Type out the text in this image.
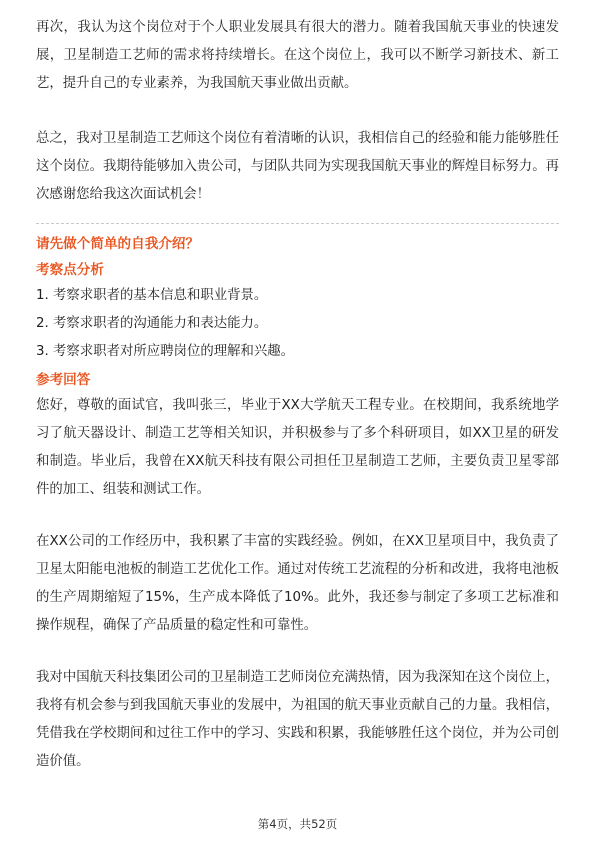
再次，我认为这个岗位对于个人职业发展具有很大的潜力。随着我国航天事业的快速发展，卫星制造工艺师的需求将持续增长。在这个岗位上，我可以不断学习新技术、新工艺，提升自己的专业素养，为我国航天事业做出贡献。

总之，我对卫星制造工艺师这个岗位有着清晰的认识，我相信自己的经验和能力能够胜任这个岗位。我期待能够加入贵公司，与团队共同为实现我国航天事业的辉煌目标努力。再次感谢您给我这次面试机会！

请先做个简单的自我介绍？

考察点分析

1. 考察求职者的基本信息和职业背景。
2. 考察求职者的沟通能力和表达能力。
3. 考察求职者对所应聘岗位的理解和兴趣。

参考回答

您好，尊敬的面试官，我叫张三，毕业于XX大学航天工程专业。在校期间，我系统地学习了航天器设计、制造工艺等相关知识，并积极参与了多个科研项目，如XX卫星的研发和制造。毕业后，我曾在XX航天科技有限公司担任卫星制造工艺师，主要负责卫星零部件的加工、组装和测试工作。

在XX公司的工作经历中，我积累了丰富的实践经验。例如，在XX卫星项目中，我负责了卫星太阳能电池板的制造工艺优化工作。通过对传统工艺流程的分析和改进，我将电池板的生产周期缩短了15%，生产成本降低了10%。此外，我还参与制定了多项工艺标准和操作规程，确保了产品质量的稳定性和可靠性。

我对中国航天科技集团公司的卫星制造工艺师岗位充满热情，因为我深知在这个岗位上，我将有机会参与到我国航天事业的发展中，为祖国的航天事业贡献自己的力量。我相信，凭借我在学校期间和过往工作中的学习、实践和积累，我能够胜任这个岗位，并为公司创造价值。

第4页，共52页
